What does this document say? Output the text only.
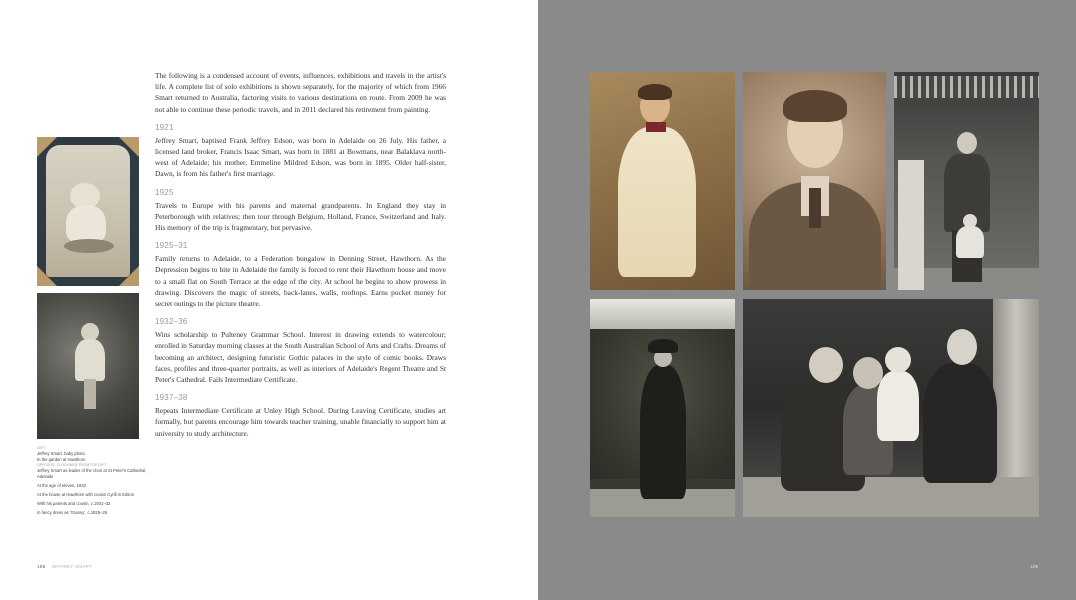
The following is a condensed account of events, influences, exhibitions and travels in the artist's life. A complete list of solo exhibitions is shown separately, for the majority of which from 1966 Smart returned to Australia, factoring visits to various destinations en route. From 2009 he was not able to continue these periodic travels, and in 2011 declared his retirement from painting.

1921

Jeffrey Smart, baptised Frank Jeffrey Edson, was born in Adelaide on 26 July. His father, a licensed land broker, Francis Isaac Smart, was born in 1881 at Bowmans, near Balaklava north-west of Adelaide; his mother, Emmeline Mildred Edson, was born in 1895. Older half-sister, Dawn, is from his father's first marriage.

1925

Travels to Europe with his parents and maternal grandparents. In England they stay in Peterborough with relatives; then tour through Belgium, Holland, France, Switzerland and Italy. His memory of the trip is fragmentary, but pervasive.

1925–31

Family returns to Adelaide, to a Federation bungalow in Denning Street, Hawthorn. As the Depression begins to bite in Adelaide the family is forced to rent their Hawthorn house and move to a small flat on South Terrace at the edge of the city. At school he begins to show prowess in drawing. Discovers the magic of streets, back-lanes, walls, rooftops. Earns pocket money for secret outings to the picture theatre.

1932–36

Wins scholarship to Pulteney Grammar School. Interest in drawing extends to watercolour; enrolled in Saturday morning classes at the South Australian School of Arts and Crafts. Dreams of becoming an architect, designing futuristic Gothic palaces in the style of comic books. Draws faces, profiles and three-quarter portraits, as well as interiors of Adelaide's Regent Theatre and St Peter's Cathedral. Fails Intermediate Certificate.

1937–38

Repeats Intermediate Certificate at Unley High School. During Leaving Certificate, studies art formally, but parents encourage him towards teacher training, unable financially to support him at university to study architecture.

LEFT:
Jeffrey Smart, baby photo
In the garden at Hawthorn
OPPOSITE: CLOCKWISE FROM TOP LEFT
Jeffrey Smart as leader of the choir at St Peter's Cathedral, Adelaide
At the age of eleven, 1932
At the house at Hawthorn with cousin Cyrill in Edson
With his parents and cousin, c.1931–32
In fancy dress as 'Granny', c.1925–26
108 JEFFREY SMART	109
